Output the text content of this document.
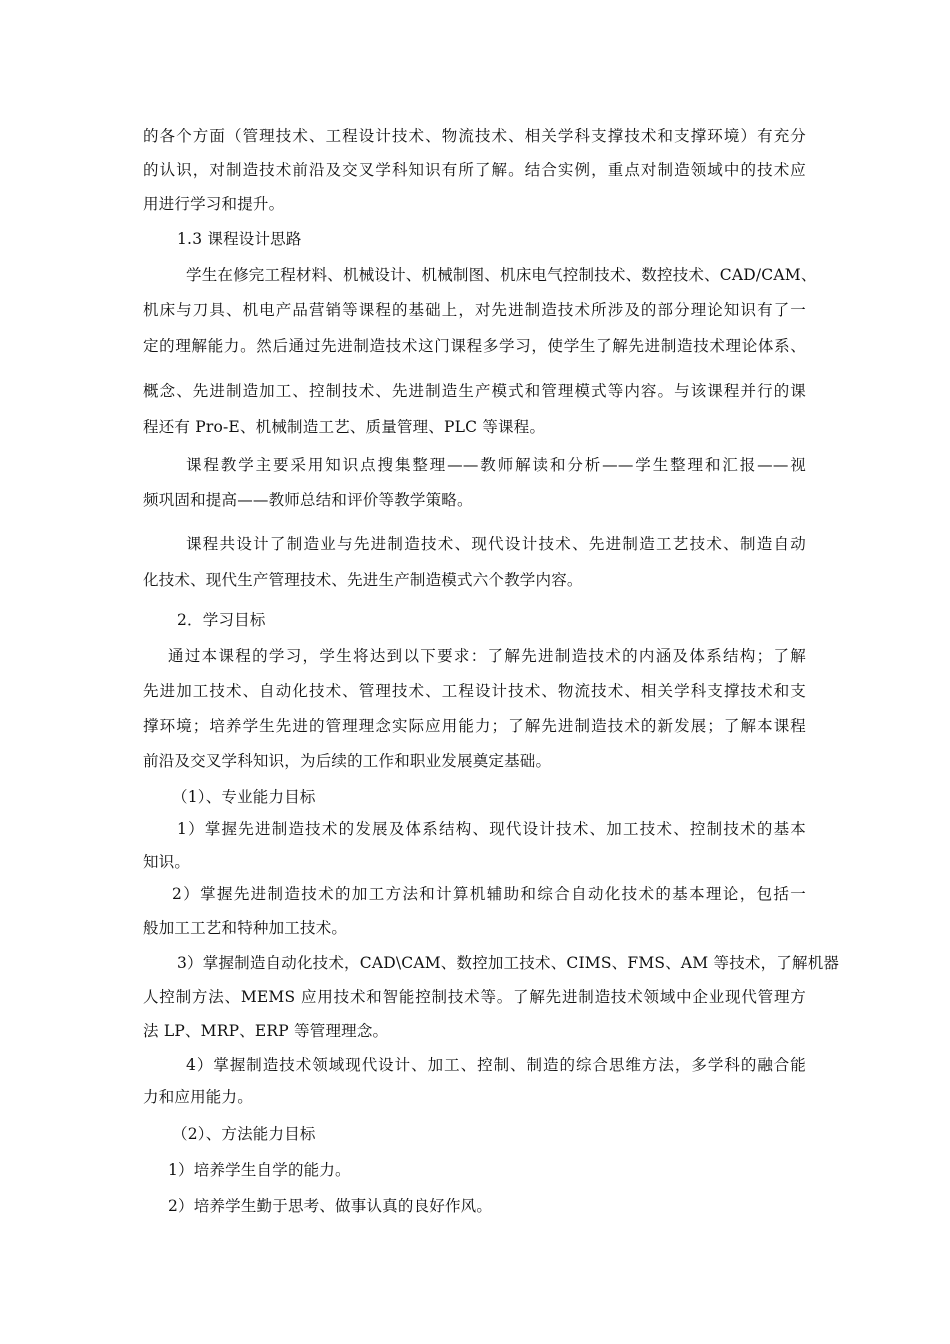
的各个方面（管理技术、工程设计技术、物流技术、相关学科支撑技术和支撑环境）有充分
的认识，对制造技术前沿及交叉学科知识有所了解。结合实例，重点对制造领域中的技术应
用进行学习和提升。
1.3 课程设计思路
学生在修完工程材料、机械设计、机械制图、机床电气控制技术、数控技术、CAD/CAM、
机床与刀具、机电产品营销等课程的基础上，对先进制造技术所涉及的部分理论知识有了一
定的理解能力。然后通过先进制造技术这门课程多学习，使学生了解先进制造技术理论体系、
概念、先进制造加工、控制技术、先进制造生产模式和管理模式等内容。与该课程并行的课
程还有 Pro-E、机械制造工艺、质量管理、PLC 等课程。
课程教学主要采用知识点搜集整理——教师解读和分析——学生整理和汇报——视
频巩固和提高——教师总结和评价等教学策略。
课程共设计了制造业与先进制造技术、现代设计技术、先进制造工艺技术、制造自动
化技术、现代生产管理技术、先进生产制造模式六个教学内容。
2．学习目标
通过本课程的学习，学生将达到以下要求：了解先进制造技术的内涵及体系结构；了解
先进加工技术、自动化技术、管理技术、工程设计技术、物流技术、相关学科支撑技术和支
撑环境；培养学生先进的管理理念实际应用能力；了解先进制造技术的新发展；了解本课程
前沿及交叉学科知识，为后续的工作和职业发展奠定基础。
（1）、专业能力目标
1）掌握先进制造技术的发展及体系结构、现代设计技术、加工技术、控制技术的基本
知识。
2）掌握先进制造技术的加工方法和计算机辅助和综合自动化技术的基本理论，包括一
般加工工艺和特种加工技术。
3）掌握制造自动化技术，CAD\CAM、数控加工技术、CIMS、FMS、AM 等技术，了解机器
人控制方法、MEMS 应用技术和智能控制技术等。了解先进制造技术领域中企业现代管理方
法 LP、MRP、ERP 等管理理念。
4）掌握制造技术领域现代设计、加工、控制、制造的综合思维方法，多学科的融合能
力和应用能力。
（2）、方法能力目标
1）培养学生自学的能力。
2）培养学生勤于思考、做事认真的良好作风。
